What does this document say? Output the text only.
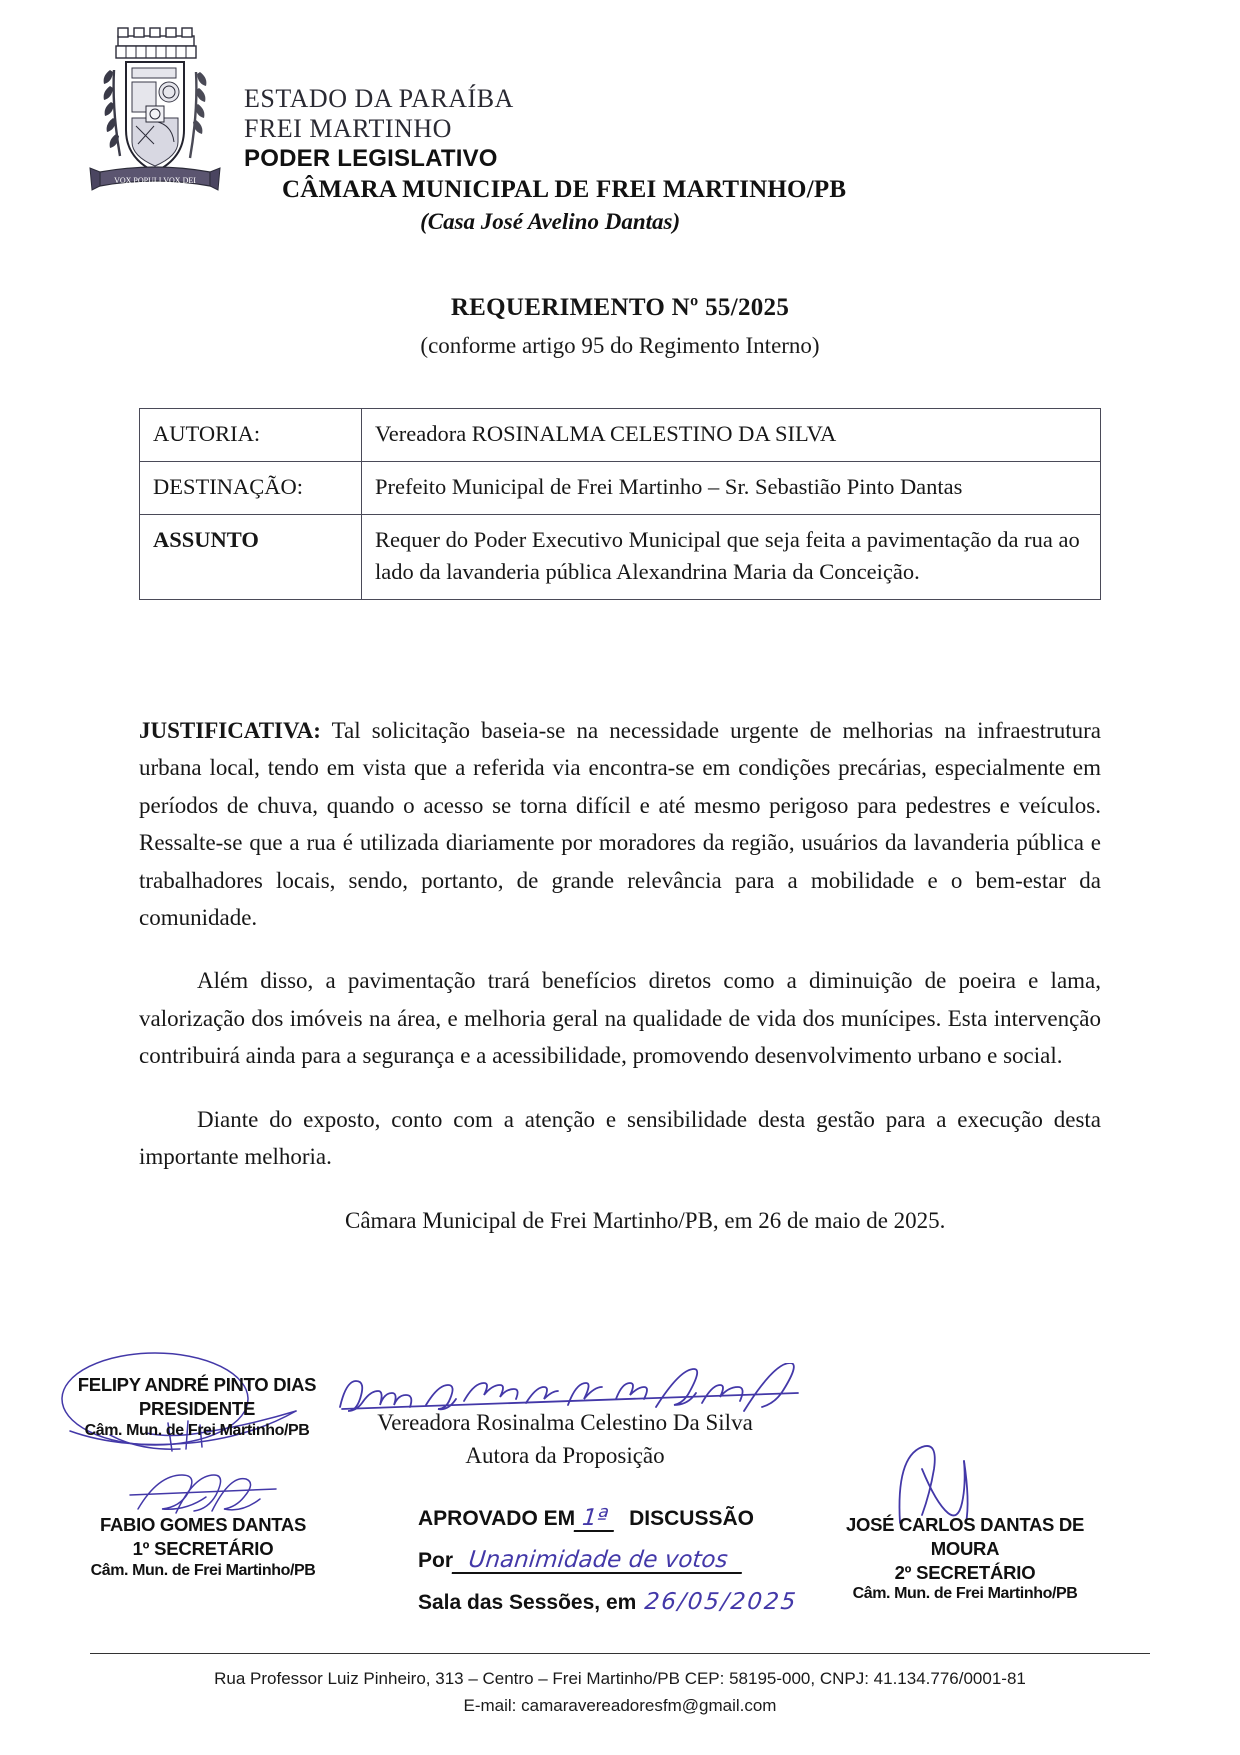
VOX POPULI VOX DEI
ESTADO DA PARAÍBA
FREI MARTINHO
PODER LEGISLATIVO
CÂMARA MUNICIPAL DE FREI MARTINHO/PB
(Casa José Avelino Dantas)
REQUERIMENTO Nº 55/2025
(conforme artigo 95 do Regimento Interno)
AUTORIA:	Vereadora ROSINALMA CELESTINO DA SILVA
DESTINAÇÃO:	Prefeito Municipal de Frei Martinho – Sr. Sebastião Pinto Dantas
ASSUNTO	Requer do Poder Executivo Municipal que seja feita a pavimentação da rua ao lado da lavanderia pública Alexandrina Maria da Conceição.

JUSTIFICATIVA: Tal solicitação baseia-se na necessidade urgente de melhorias na infraestrutura urbana local, tendo em vista que a referida via encontra-se em condições precárias, especialmente em períodos de chuva, quando o acesso se torna difícil e até mesmo perigoso para pedestres e veículos. Ressalte-se que a rua é utilizada diariamente por moradores da região, usuários da lavanderia pública e trabalhadores locais, sendo, portanto, de grande relevância para a mobilidade e o bem-estar da comunidade.

Além disso, a pavimentação trará benefícios diretos como a diminuição de poeira e lama, valorização dos imóveis na área, e melhoria geral na qualidade de vida dos munícipes. Esta intervenção contribuirá ainda para a segurança e a acessibilidade, promovendo desenvolvimento urbano e social.

Diante do exposto, conto com a atenção e sensibilidade desta gestão para a execução desta importante melhoria.

Câmara Municipal de Frei Martinho/PB, em 26 de maio de 2025.

FELIPY ANDRÉ PINTO DIAS
PRESIDENTE
Câm. Mun. de Frei Martinho/PB	Vereadora Rosinalma Celestino Da Silva
Autora da Proposição
FABIO GOMES DANTAS
1º SECRETÁRIO
Câm. Mun. de Frei Martinho/PB
JOSÉ CARLOS DANTAS DE MOURA
2º SECRETÁRIO
Câm. Mun. de Frei Martinho/PB
APROVADO EM 1ª DISCUSSÃO
Por Unanimidade de votos
Sala das Sessões, em 26/05/2025
Rua Professor Luiz Pinheiro, 313 – Centro – Frei Martinho/PB CEP: 58195-000, CNPJ: 41.134.776/0001-81
E-mail: camaravereadoresfm@gmail.com
